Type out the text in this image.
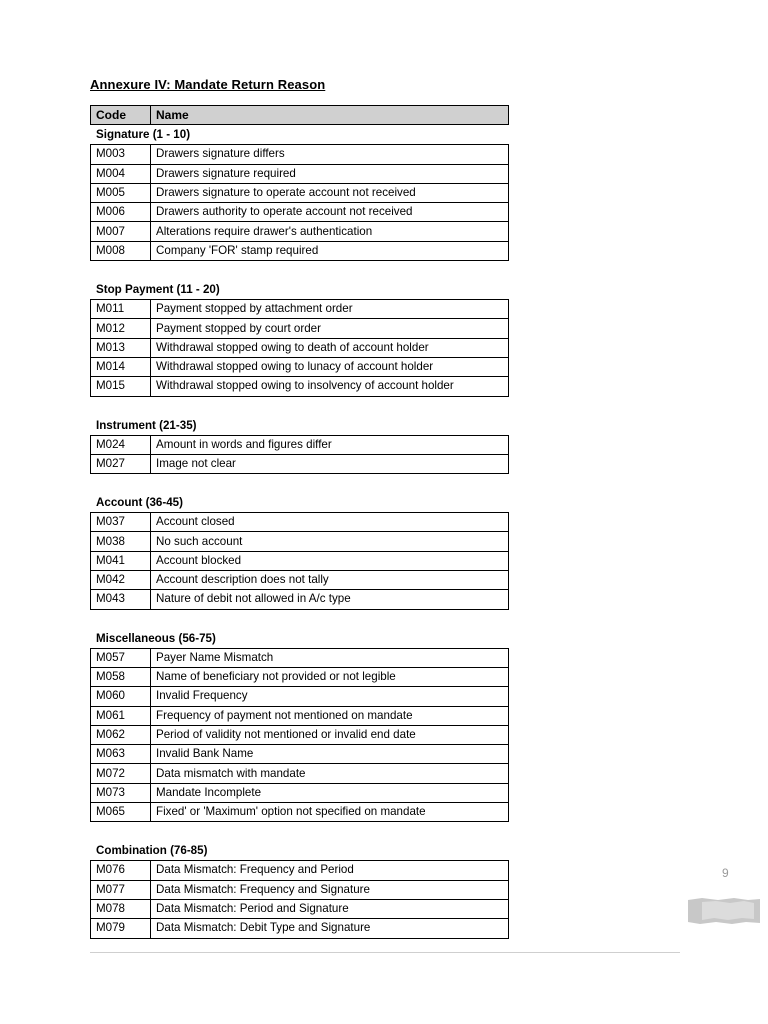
Annexure IV: Mandate Return Reason
Code	Name
Signature (1 - 10)
M003	Drawers signature differs
M004	Drawers signature required
M005	Drawers signature to operate account not received
M006	Drawers authority to operate account not received
M007	Alterations require drawer's authentication
M008	Company 'FOR' stamp required
Stop Payment (11 - 20)
M011	Payment stopped by attachment order
M012	Payment stopped by court order
M013	Withdrawal stopped owing to death of account holder
M014	Withdrawal stopped owing to lunacy of account holder
M015	Withdrawal stopped owing to insolvency of account holder
Instrument (21-35)
M024	Amount in words and figures differ
M027	Image not clear
Account (36-45)
M037	Account closed
M038	No such account
M041	Account blocked
M042	Account description does not tally
M043	Nature of debit not allowed in A/c type
Miscellaneous (56-75)
M057	Payer Name Mismatch
M058	Name of beneficiary not provided or not legible
M060	Invalid Frequency
M061	Frequency of payment not mentioned on mandate
M062	Period of validity not mentioned or invalid end date
M063	Invalid Bank Name
M072	Data mismatch with mandate
M073	Mandate Incomplete
M065	Fixed' or 'Maximum' option not specified on mandate
Combination (76-85)
M076	Data Mismatch: Frequency and Period
M077	Data Mismatch: Frequency and Signature
M078	Data Mismatch: Period and Signature
M079	Data Mismatch: Debit Type and Signature
9
